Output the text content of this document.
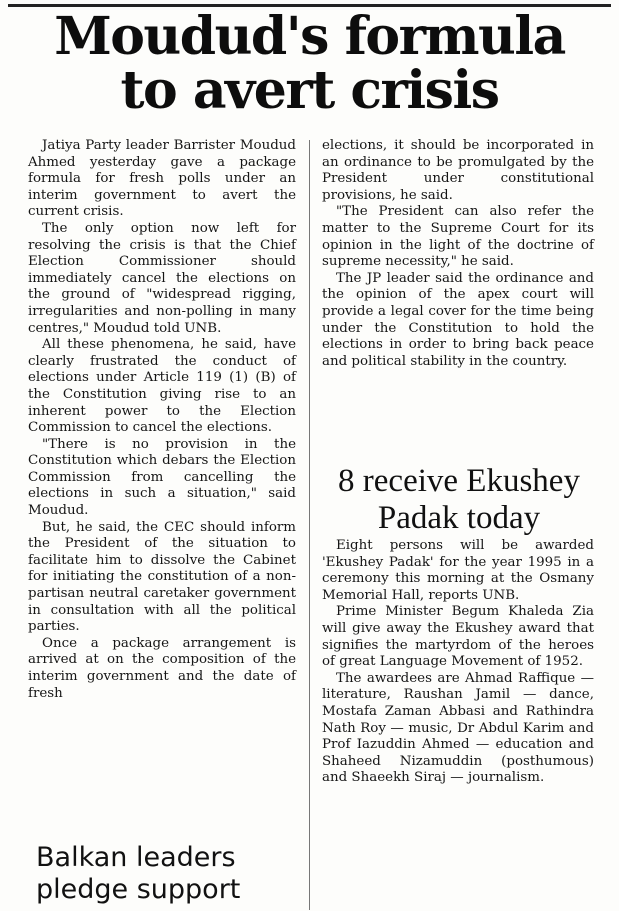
Moudud's formula
to avert crisis

Jatiya Party leader Barrister Moudud Ahmed yesterday gave a package formula for fresh polls under an interim government to avert the current crisis.

The only option now left for resolving the crisis is that the Chief Election Commissioner should immediately cancel the elections on the ground of "widespread rigging, irregularities and non-polling in many centres," Moudud told UNB.

All these phenomena, he said, have clearly frustrated the conduct of elections under Article 119 (1) (B) of the Constitution giving rise to an inherent power to the Election Commission to cancel the elections.

"There is no provision in the Constitution which debars the Election Commission from cancelling the elections in such a situation," said Moudud.

But, he said, the CEC should inform the President of the situation to facilitate him to dissolve the Cabinet for initiating the constitution of a non-partisan neutral caretaker government in consultation with all the political parties.

Once a package arrangement is arrived at on the composition of the interim government and the date of fresh

elections, it should be incorporated in an ordinance to be promulgated by the President under constitutional provisions, he said.

"The President can also refer the matter to the Supreme Court for its opinion in the light of the doctrine of supreme necessity," he said.

The JP leader said the ordinance and the opinion of the apex court will provide a legal cover for the time being under the Constitution to hold the elections in order to bring back peace and political stability in the country.

8 receive Ekushey
Padak today

Eight persons will be awarded 'Ekushey Padak' for the year 1995 in a ceremony this morning at the Osmany Memorial Hall, reports UNB.

Prime Minister Begum Khaleda Zia will give away the Ekushey award that signifies the martyrdom of the heroes of great Language Movement of 1952.

The awardees are Ahmad Raffique — literature, Raushan Jamil — dance, Mostafa Zaman Abbasi and Rathindra Nath Roy — music, Dr Abdul Karim and Prof Iazuddin Ahmed — education and Shaheed Nizamuddin (posthumous) and Shaeekh Siraj — journalism.

Balkan leaders
pledge support
